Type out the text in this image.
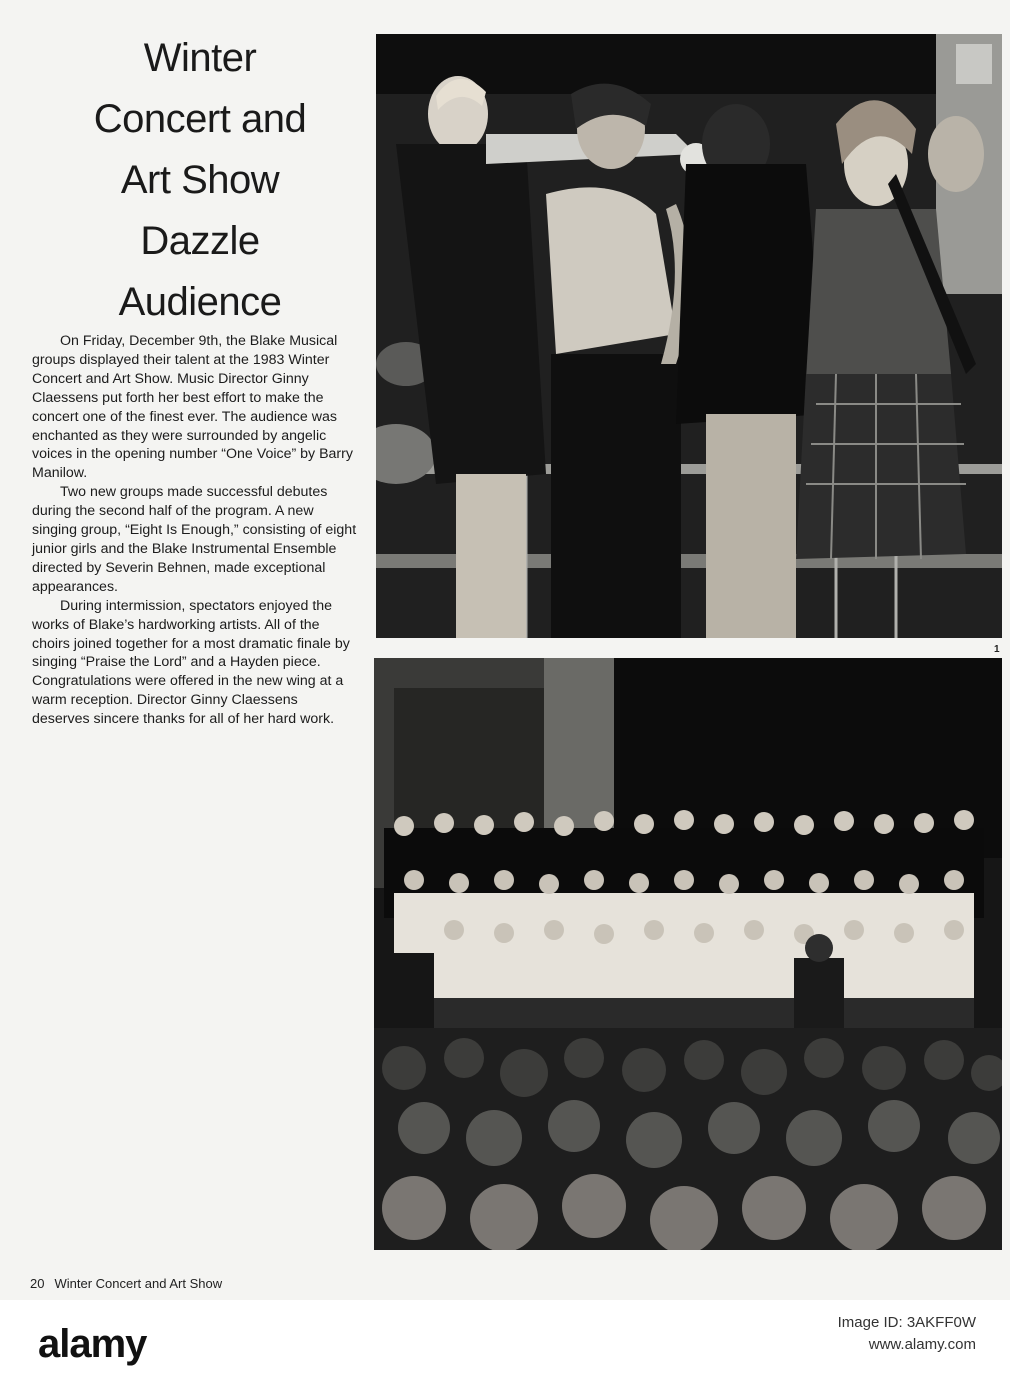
Winter
Concert and
Art Show
Dazzle
Audience

On Friday, December 9th, the Blake Musical groups displayed their talent at the 1983 Winter Concert and Art Show. Music Director Ginny Claessens put forth her best effort to make the concert one of the finest ever. The audience was enchanted as they were surrounded by angelic voices in the opening number “One Voice” by Barry Manilow.

Two new groups made successful debutes during the second half of the program. A new singing group, “Eight Is Enough,” consisting of eight junior girls and the Blake Instrumental Ensemble directed by Severin Behnen, made exceptional appearances.

During intermission, spectators enjoyed the works of Blake’s hardworking artists. All of the choirs joined together for a most dramatic finale by singing “Praise the Lord” and a Hayden piece. Congratulations were offered in the new wing at a warm reception. Director Ginny Claessens deserves sincere thanks for all of her hard work.

1
20 Winter Concert and Art Show
alamy	Image ID: 3AKFF0W
www.alamy.com
